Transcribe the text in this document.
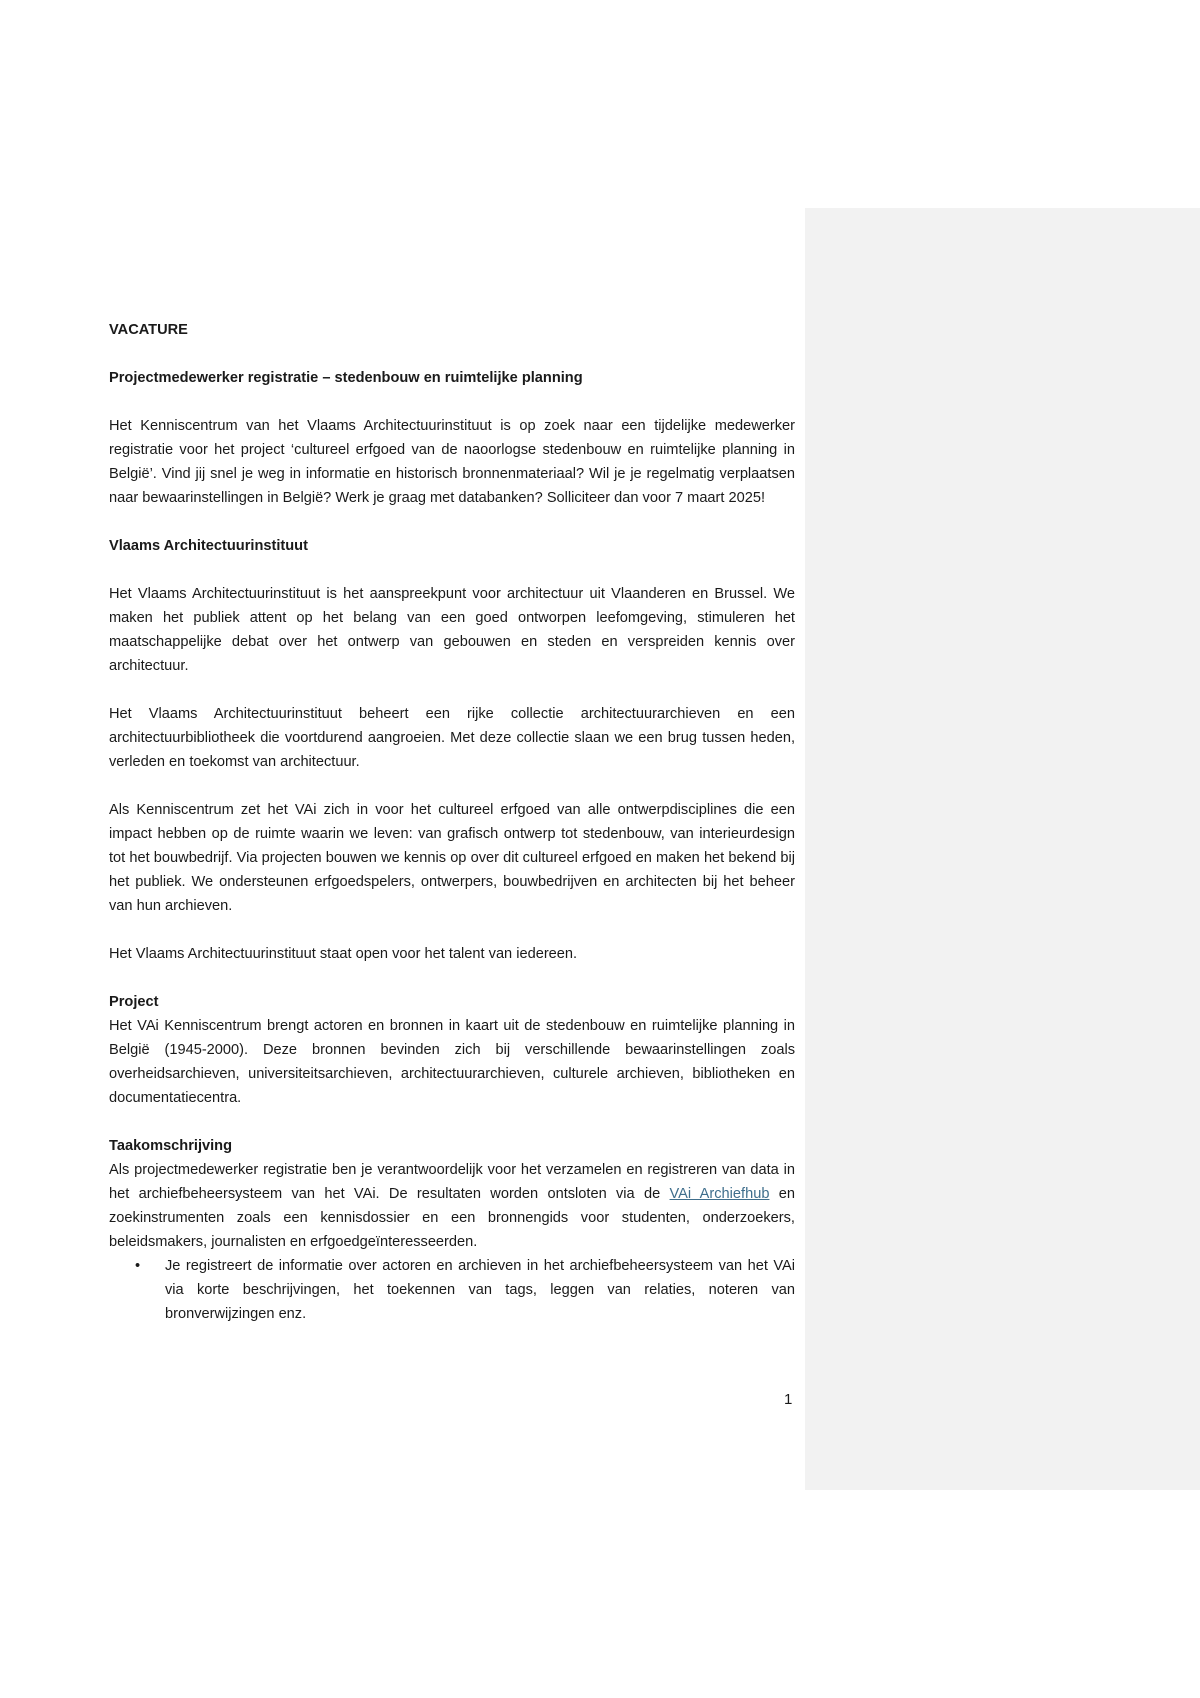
VACATURE

Projectmedewerker registratie – stedenbouw en ruimtelijke planning

Het Kenniscentrum van het Vlaams Architectuurinstituut is op zoek naar een tijdelijke medewerker registratie voor het project ‘cultureel erfgoed van de naoorlogse stedenbouw en ruimtelijke planning in België’. Vind jij snel je weg in informatie en historisch bronnenmateriaal? Wil je je regelmatig verplaatsen naar bewaarinstellingen in België? Werk je graag met databanken? Solliciteer dan voor 7 maart 2025!

Vlaams Architectuurinstituut

Het Vlaams Architectuurinstituut is het aanspreekpunt voor architectuur uit Vlaanderen en Brussel. We maken het publiek attent op het belang van een goed ontworpen leefomgeving, stimuleren het maatschappelijke debat over het ontwerp van gebouwen en steden en verspreiden kennis over architectuur.

Het Vlaams Architectuurinstituut beheert een rijke collectie architectuurarchieven en een architectuurbibliotheek die voortdurend aangroeien. Met deze collectie slaan we een brug tussen heden, verleden en toekomst van architectuur.

Als Kenniscentrum zet het VAi zich in voor het cultureel erfgoed van alle ontwerpdisciplines die een impact hebben op de ruimte waarin we leven: van grafisch ontwerp tot stedenbouw, van interieurdesign tot het bouwbedrijf. Via projecten bouwen we kennis op over dit cultureel erfgoed en maken het bekend bij het publiek. We ondersteunen erfgoedspelers, ontwerpers, bouwbedrijven en architecten bij het beheer van hun archieven.

Het Vlaams Architectuurinstituut staat open voor het talent van iedereen.

Project

Het VAi Kenniscentrum brengt actoren en bronnen in kaart uit de stedenbouw en ruimtelijke planning in België (1945-2000). Deze bronnen bevinden zich bij verschillende bewaarinstellingen zoals overheidsarchieven, universiteitsarchieven, architectuurarchieven, culturele archieven, bibliotheken en documentatiecentra.

Taakomschrijving

Als projectmedewerker registratie ben je verantwoordelijk voor het verzamelen en registreren van data in het archiefbeheersysteem van het VAi. De resultaten worden ontsloten via de VAi Archiefhub en zoekinstrumenten zoals een kennisdossier en een bronnengids voor studenten, onderzoekers, beleidsmakers, journalisten en erfgoedgeïnteresseerden.

• Je registreert de informatie over actoren en archieven in het archiefbeheersysteem van het VAi via korte beschrijvingen, het toekennen van tags, leggen van relaties, noteren van bronverwijzingen enz.
1
